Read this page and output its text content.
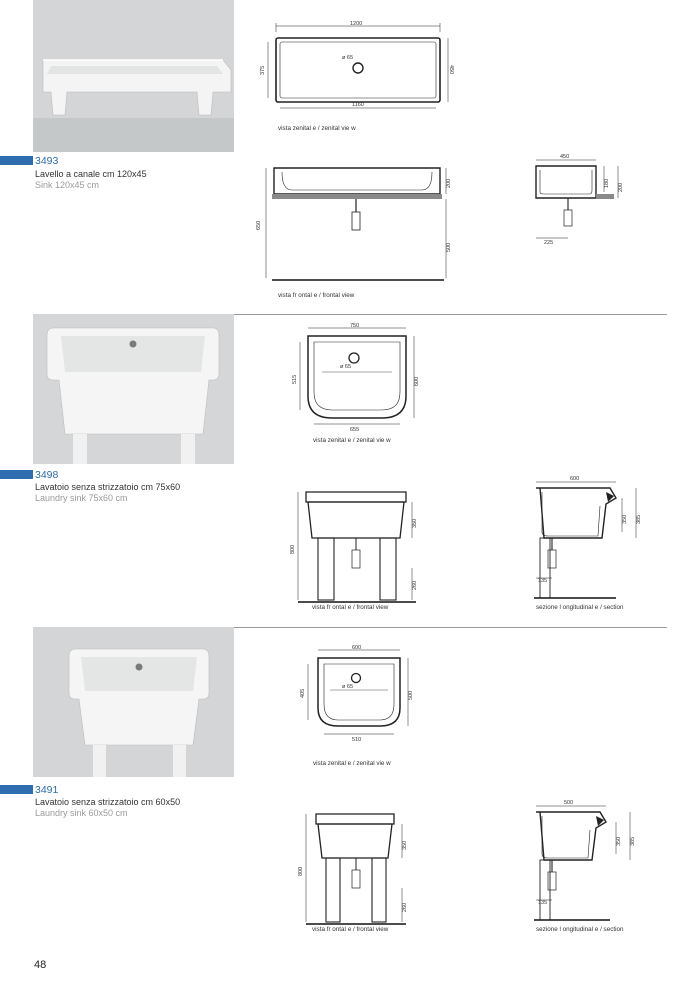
3493
Lavello a canale cm 120x45
Sink 120x45 cm
1200
ø 65
375	450
1160
vista zenital e / zenital vie w
650
200
500
vista fr ontal e / frontal view
450
180 200
225
3498
Lavatoio senza strizzatoio cm 75x60
Laundry sink 75x60 cm
750
ø 65
515	600
655
vista zenital e / zenital vie w
800
350
260
vista fr ontal e / frontal view
600
350 385
135
sezione l ongitudinal e / section
3491
Lavatoio senza strizzatoio cm 60x50
Laundry sink 60x50 cm
600
ø 65
405	500
510
vista zenital e / zenital vie w
800
350
260
vista fr ontal e / frontal view
500
350 385
135
sezione l ongitudinal e / section
48
